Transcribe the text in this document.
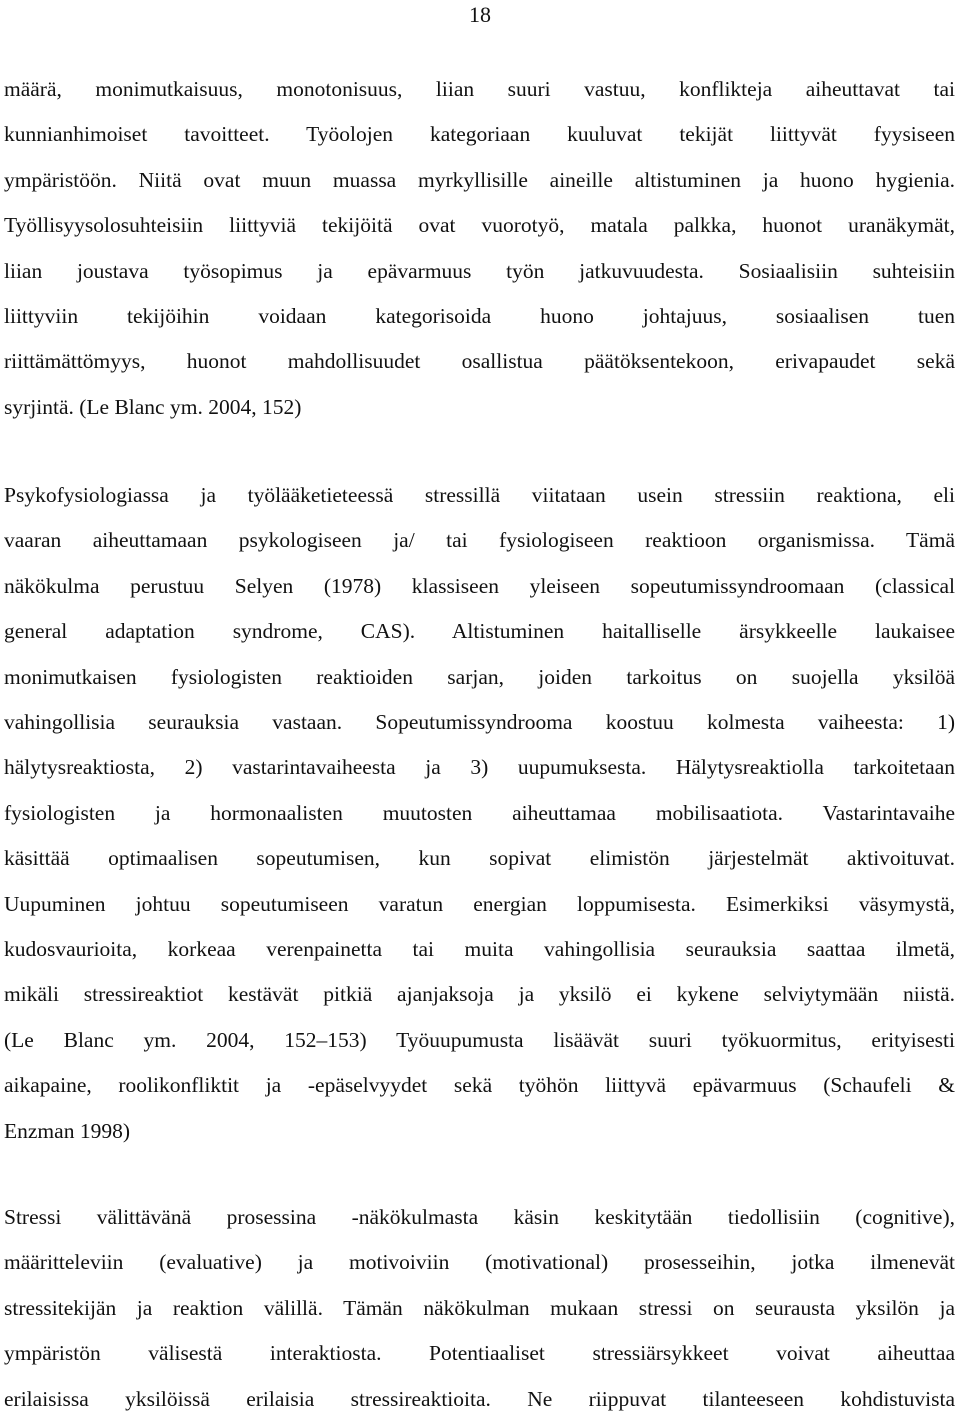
18
määrä, monimutkaisuus, monotonisuus, liian suuri vastuu, konflikteja aiheuttavat tai
kunnianhimoiset tavoitteet. Työolojen kategoriaan kuuluvat tekijät liittyvät fyysiseen
ympäristöön. Niitä ovat muun muassa myrkyllisille aineille altistuminen ja huono hygienia.
Työllisyysolosuhteisiin liittyviä tekijöitä ovat vuorotyö, matala palkka, huonot uranäkymät,
liian joustava työsopimus ja epävarmuus työn jatkuvuudesta. Sosiaalisiin suhteisiin
liittyviin tekijöihin voidaan kategorisoida huono johtajuus, sosiaalisen tuen
riittämättömyys, huonot mahdollisuudet osallistua päätöksentekoon, erivapaudet sekä
syrjintä. (Le Blanc ym. 2004, 152)
Psykofysiologiassa ja työlääketieteessä stressillä viitataan usein stressiin reaktiona, eli
vaaran aiheuttamaan psykologiseen ja/ tai fysiologiseen reaktioon organismissa. Tämä
näkökulma perustuu Selyen (1978) klassiseen yleiseen sopeutumissyndroomaan (classical
general adaptation syndrome, CAS). Altistuminen haitalliselle ärsykkeelle laukaisee
monimutkaisen fysiologisten reaktioiden sarjan, joiden tarkoitus on suojella yksilöä
vahingollisia seurauksia vastaan. Sopeutumissyndrooma koostuu kolmesta vaiheesta: 1)
hälytysreaktiosta, 2) vastarintavaiheesta ja 3) uupumuksesta. Hälytysreaktiolla tarkoitetaan
fysiologisten ja hormonaalisten muutosten aiheuttamaa mobilisaatiota. Vastarintavaihe
käsittää optimaalisen sopeutumisen, kun sopivat elimistön järjestelmät aktivoituvat.
Uupuminen johtuu sopeutumiseen varatun energian loppumisesta. Esimerkiksi väsymystä,
kudosvaurioita, korkeaa verenpainetta tai muita vahingollisia seurauksia saattaa ilmetä,
mikäli stressireaktiot kestävät pitkiä ajanjaksoja ja yksilö ei kykene selviytymään niistä.
(Le Blanc ym. 2004, 152–153) Työuupumusta lisäävät suuri työkuormitus, erityisesti
aikapaine, roolikonfliktit ja -epäselvyydet sekä työhön liittyvä epävarmuus (Schaufeli &
Enzman 1998)
Stressi välittävänä prosessina -näkökulmasta käsin keskitytään tiedollisiin (cognitive),
määritteleviin (evaluative) ja motivoiviin (motivational) prosesseihin, jotka ilmenevät
stressitekijän ja reaktion välillä. Tämän näkökulman mukaan stressi on seurausta yksilön ja
ympäristön välisestä interaktiosta. Potentiaaliset stressiärsykkeet voivat aiheuttaa
erilaisissa yksilöissä erilaisia stressireaktioita. Ne riippuvat tilanteeseen kohdistuvista
